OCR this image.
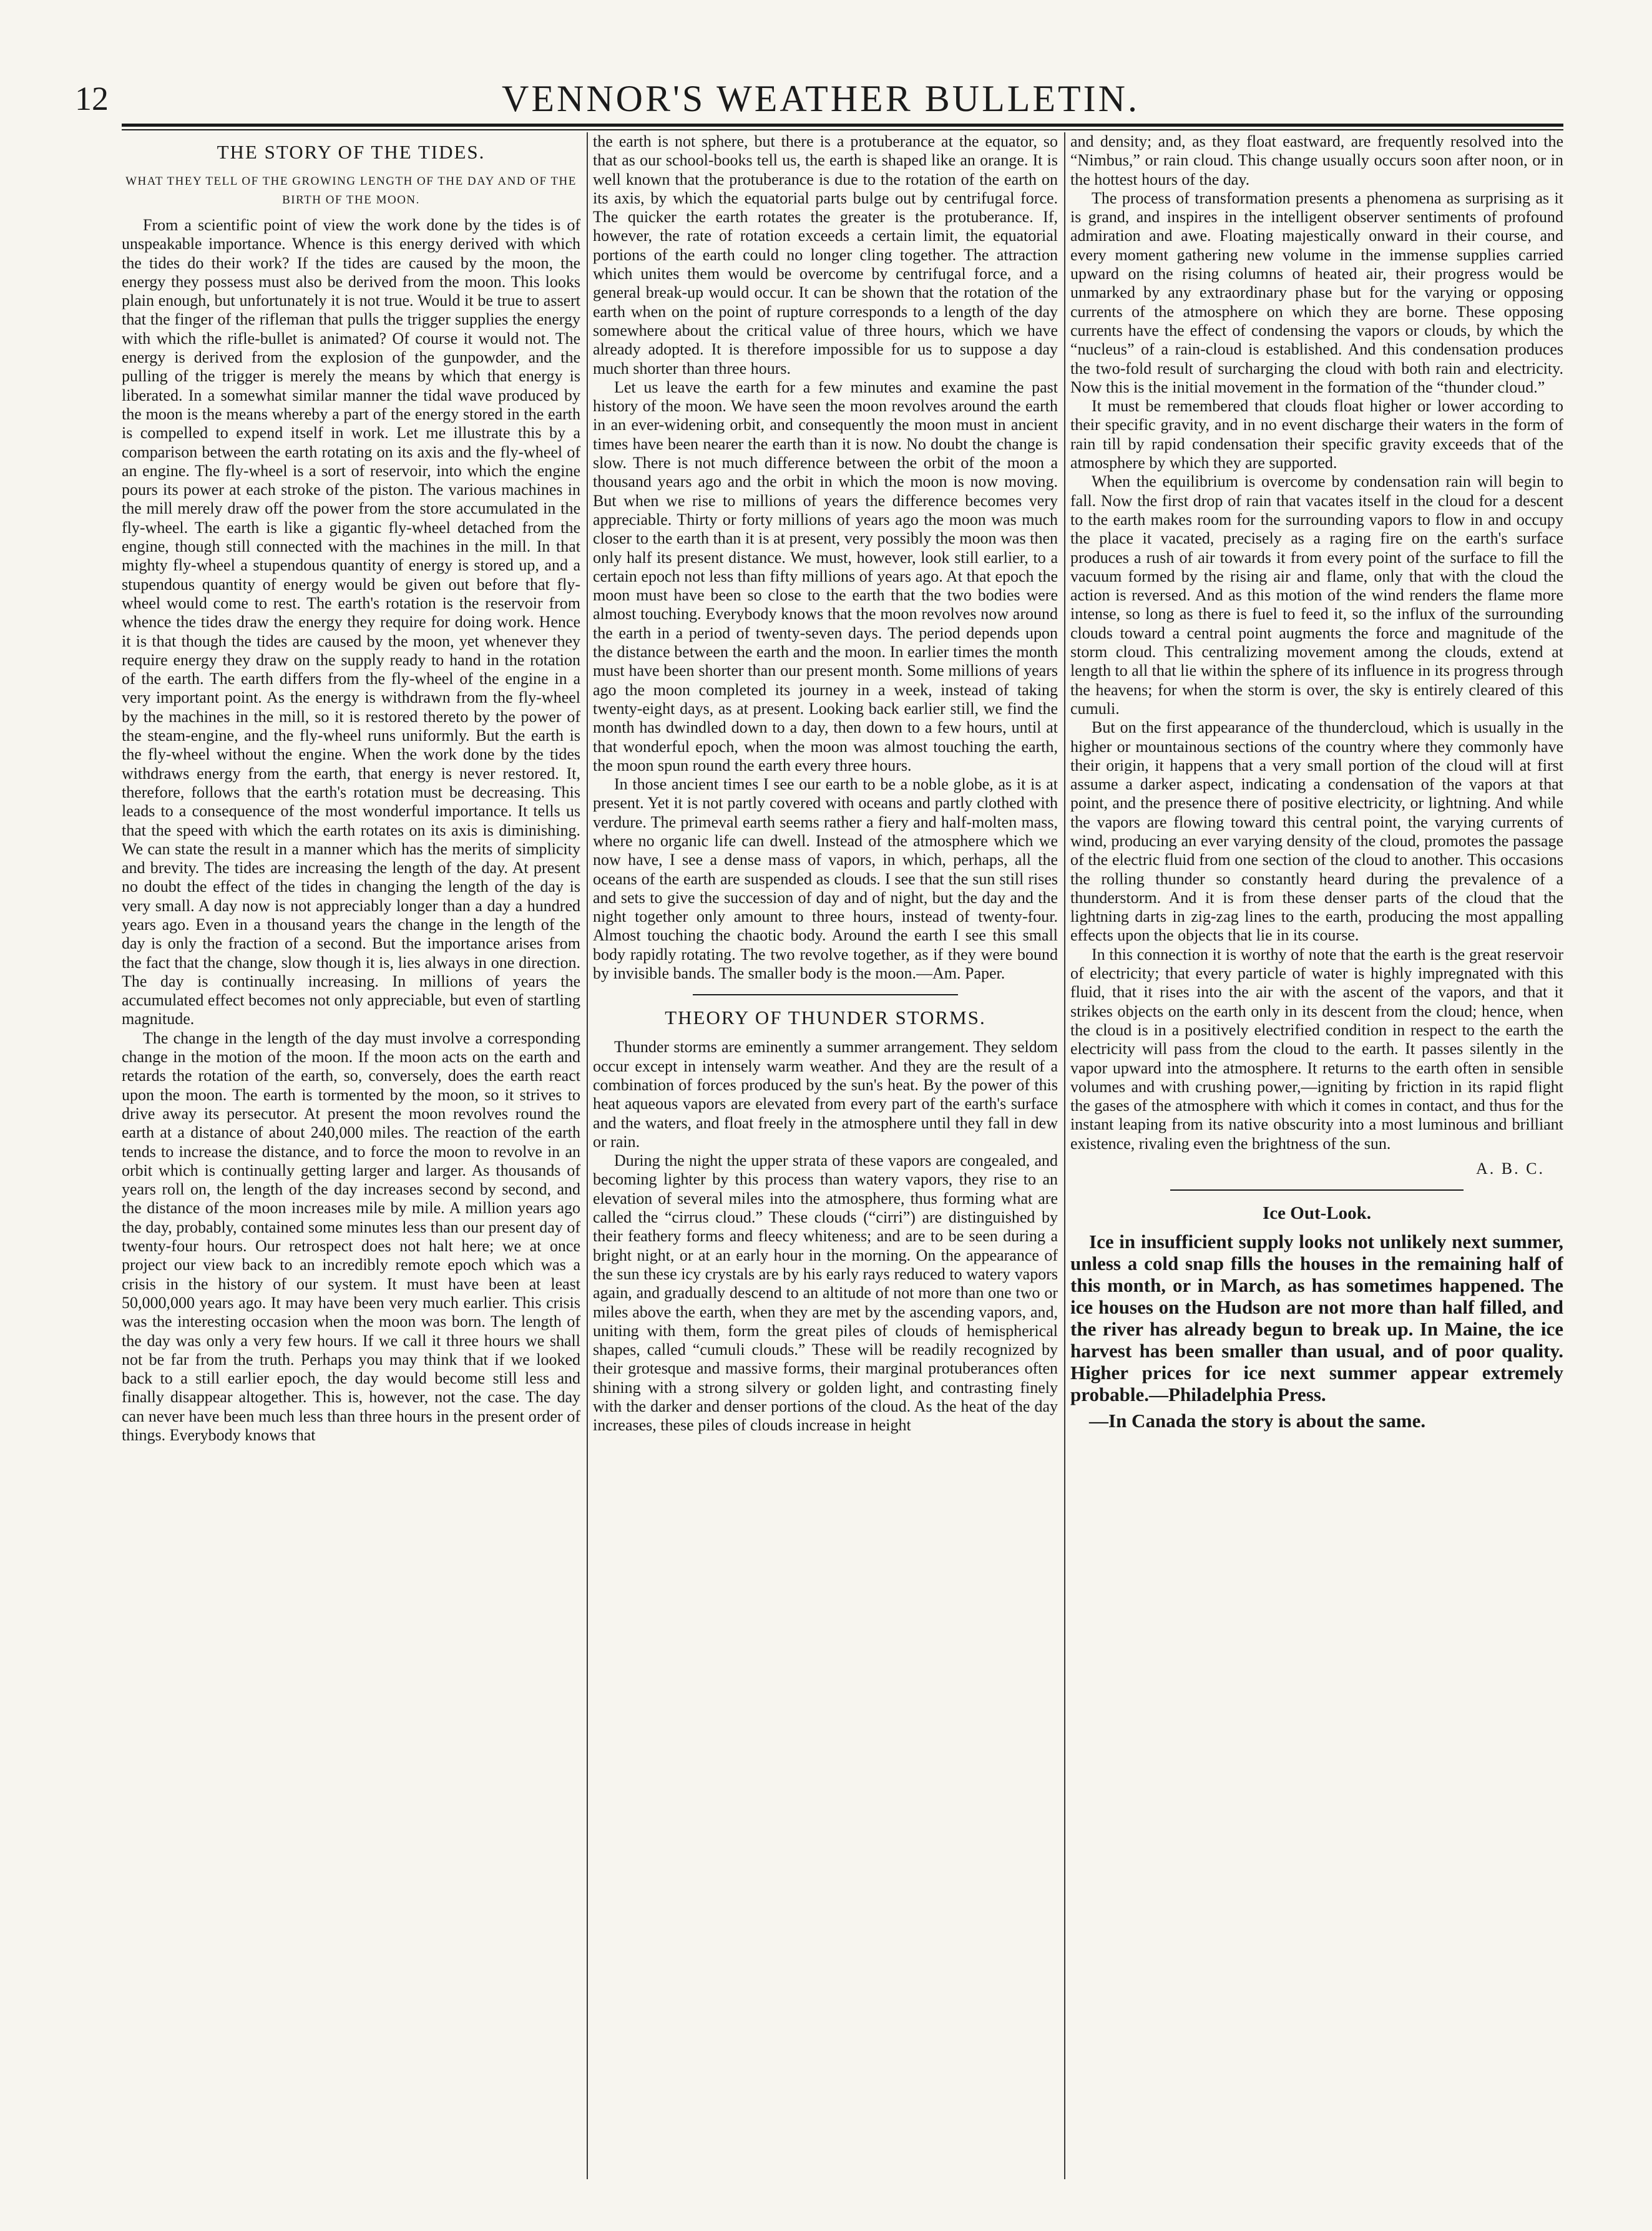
12	VENNOR'S WEATHER BULLETIN.
THE STORY OF THE TIDES.
WHAT THEY TELL OF THE GROWING LENGTH OF THE DAY AND OF THE BIRTH OF THE MOON.

From a scientific point of view the work done by the tides is of unspeakable importance. Whence is this energy derived with which the tides do their work? If the tides are caused by the moon, the energy they possess must also be derived from the moon. This looks plain enough, but unfortunately it is not true. Would it be true to assert that the finger of the rifleman that pulls the trigger supplies the energy with which the rifle-bullet is animated? Of course it would not. The energy is derived from the explosion of the gunpowder, and the pulling of the trigger is merely the means by which that energy is liberated. In a somewhat similar manner the tidal wave produced by the moon is the means whereby a part of the energy stored in the earth is compelled to expend itself in work. Let me illustrate this by a comparison between the earth rotating on its axis and the fly-wheel of an engine. The fly-wheel is a sort of reservoir, into which the engine pours its power at each stroke of the piston. The various machines in the mill merely draw off the power from the store accumulated in the fly-wheel. The earth is like a gigantic fly-wheel detached from the engine, though still connected with the machines in the mill. In that mighty fly-wheel a stupendous quantity of energy is stored up, and a stupendous quantity of energy would be given out before that fly-wheel would come to rest. The earth's rotation is the reservoir from whence the tides draw the energy they require for doing work. Hence it is that though the tides are caused by the moon, yet whenever they require energy they draw on the supply ready to hand in the rotation of the earth. The earth differs from the fly-wheel of the engine in a very important point. As the energy is withdrawn from the fly-wheel by the machines in the mill, so it is restored thereto by the power of the steam-engine, and the fly-wheel runs uniformly. But the earth is the fly-wheel without the engine. When the work done by the tides withdraws energy from the earth, that energy is never restored. It, therefore, follows that the earth's rotation must be decreasing. This leads to a consequence of the most wonderful importance. It tells us that the speed with which the earth rotates on its axis is diminishing. We can state the result in a manner which has the merits of simplicity and brevity. The tides are increasing the length of the day. At present no doubt the effect of the tides in changing the length of the day is very small. A day now is not appreciably longer than a day a hundred years ago. Even in a thousand years the change in the length of the day is only the fraction of a second. But the importance arises from the fact that the change, slow though it is, lies always in one direction. The day is continually increasing. In millions of years the accumulated effect becomes not only appreciable, but even of startling magnitude.

The change in the length of the day must involve a corresponding change in the motion of the moon. If the moon acts on the earth and retards the rotation of the earth, so, conversely, does the earth react upon the moon. The earth is tormented by the moon, so it strives to drive away its persecutor. At present the moon revolves round the earth at a distance of about 240,000 miles. The reaction of the earth tends to increase the distance, and to force the moon to revolve in an orbit which is continually getting larger and larger. As thousands of years roll on, the length of the day increases second by second, and the distance of the moon increases mile by mile. A million years ago the day, probably, contained some minutes less than our present day of twenty-four hours. Our retrospect does not halt here; we at once project our view back to an incredibly remote epoch which was a crisis in the history of our system. It must have been at least 50,000,000 years ago. It may have been very much earlier. This crisis was the interesting occasion when the moon was born. The length of the day was only a very few hours. If we call it three hours we shall not be far from the truth. Perhaps you may think that if we looked back to a still earlier epoch, the day would become still less and finally disappear altogether. This is, however, not the case. The day can never have been much less than three hours in the present order of things. Everybody knows that

the earth is not sphere, but there is a protuberance at the equator, so that as our school-books tell us, the earth is shaped like an orange. It is well known that the protuberance is due to the rotation of the earth on its axis, by which the equatorial parts bulge out by centrifugal force. The quicker the earth rotates the greater is the protuberance. If, however, the rate of rotation exceeds a certain limit, the equatorial portions of the earth could no longer cling together. The attraction which unites them would be overcome by centrifugal force, and a general break-up would occur. It can be shown that the rotation of the earth when on the point of rupture corresponds to a length of the day somewhere about the critical value of three hours, which we have already adopted. It is therefore impossible for us to suppose a day much shorter than three hours.

Let us leave the earth for a few minutes and examine the past history of the moon. We have seen the moon revolves around the earth in an ever-widening orbit, and consequently the moon must in ancient times have been nearer the earth than it is now. No doubt the change is slow. There is not much difference between the orbit of the moon a thousand years ago and the orbit in which the moon is now moving. But when we rise to millions of years the difference becomes very appreciable. Thirty or forty millions of years ago the moon was much closer to the earth than it is at present, very possibly the moon was then only half its present distance. We must, however, look still earlier, to a certain epoch not less than fifty millions of years ago. At that epoch the moon must have been so close to the earth that the two bodies were almost touching. Everybody knows that the moon revolves now around the earth in a period of twenty-seven days. The period depends upon the distance between the earth and the moon. In earlier times the month must have been shorter than our present month. Some millions of years ago the moon completed its journey in a week, instead of taking twenty-eight days, as at present. Looking back earlier still, we find the month has dwindled down to a day, then down to a few hours, until at that wonderful epoch, when the moon was almost touching the earth, the moon spun round the earth every three hours.

In those ancient times I see our earth to be a noble globe, as it is at present. Yet it is not partly covered with oceans and partly clothed with verdure. The primeval earth seems rather a fiery and half-molten mass, where no organic life can dwell. Instead of the atmosphere which we now have, I see a dense mass of vapors, in which, perhaps, all the oceans of the earth are suspended as clouds. I see that the sun still rises and sets to give the succession of day and of night, but the day and the night together only amount to three hours, instead of twenty-four. Almost touching the chaotic body. Around the earth I see this small body rapidly rotating. The two revolve together, as if they were bound by invisible bands. The smaller body is the moon.—Am. Paper.

THEORY OF THUNDER STORMS.

Thunder storms are eminently a summer arrangement. They seldom occur except in intensely warm weather. And they are the result of a combination of forces produced by the sun's heat. By the power of this heat aqueous vapors are elevated from every part of the earth's surface and the waters, and float freely in the atmosphere until they fall in dew or rain.

During the night the upper strata of these vapors are congealed, and becoming lighter by this process than watery vapors, they rise to an elevation of several miles into the atmosphere, thus forming what are called the “cirrus cloud.” These clouds (“cirri”) are distinguished by their feathery forms and fleecy whiteness; and are to be seen during a bright night, or at an early hour in the morning. On the appearance of the sun these icy crystals are by his early rays reduced to watery vapors again, and gradually descend to an altitude of not more than one two or miles above the earth, when they are met by the ascending vapors, and, uniting with them, form the great piles of clouds of hemispherical shapes, called “cumuli clouds.” These will be readily recognized by their grotesque and massive forms, their marginal protuberances often shining with a strong silvery or golden light, and contrasting finely with the darker and denser portions of the cloud. As the heat of the day increases, these piles of clouds increase in height

and density; and, as they float eastward, are frequently resolved into the “Nimbus,” or rain cloud. This change usually occurs soon after noon, or in the hottest hours of the day.

The process of transformation presents a phenomena as surprising as it is grand, and inspires in the intelligent observer sentiments of profound admiration and awe. Floating majestically onward in their course, and every moment gathering new volume in the immense supplies carried upward on the rising columns of heated air, their progress would be unmarked by any extraordinary phase but for the varying or opposing currents of the atmosphere on which they are borne. These opposing currents have the effect of condensing the vapors or clouds, by which the “nucleus” of a rain-cloud is established. And this condensation produces the two-fold result of surcharging the cloud with both rain and electricity. Now this is the initial movement in the formation of the “thunder cloud.”

It must be remembered that clouds float higher or lower according to their specific gravity, and in no event discharge their waters in the form of rain till by rapid condensation their specific gravity exceeds that of the atmosphere by which they are supported.

When the equilibrium is overcome by condensation rain will begin to fall. Now the first drop of rain that vacates itself in the cloud for a descent to the earth makes room for the surrounding vapors to flow in and occupy the place it vacated, precisely as a raging fire on the earth's surface produces a rush of air towards it from every point of the surface to fill the vacuum formed by the rising air and flame, only that with the cloud the action is reversed. And as this motion of the wind renders the flame more intense, so long as there is fuel to feed it, so the influx of the surrounding clouds toward a central point augments the force and magnitude of the storm cloud. This centralizing movement among the clouds, extend at length to all that lie within the sphere of its influence in its progress through the heavens; for when the storm is over, the sky is entirely cleared of this cumuli.

But on the first appearance of the thundercloud, which is usually in the higher or mountainous sections of the country where they commonly have their origin, it happens that a very small portion of the cloud will at first assume a darker aspect, indicating a condensation of the vapors at that point, and the presence there of positive electricity, or lightning. And while the vapors are flowing toward this central point, the varying currents of wind, producing an ever varying density of the cloud, promotes the passage of the electric fluid from one section of the cloud to another. This occasions the rolling thunder so constantly heard during the prevalence of a thunderstorm. And it is from these denser parts of the cloud that the lightning darts in zig-zag lines to the earth, producing the most appalling effects upon the objects that lie in its course.

In this connection it is worthy of note that the earth is the great reservoir of electricity; that every particle of water is highly impregnated with this fluid, that it rises into the air with the ascent of the vapors, and that it strikes objects on the earth only in its descent from the cloud; hence, when the cloud is in a positively electrified condition in respect to the earth the electricity will pass from the cloud to the earth. It passes silently in the vapor upward into the atmosphere. It returns to the earth often in sensible volumes and with crushing power,—igniting by friction in its rapid flight the gases of the atmosphere with which it comes in contact, and thus for the instant leaping from its native obscurity into a most luminous and brilliant existence, rivaling even the brightness of the sun.

A. B. C.
Ice Out-Look.

Ice in insufficient supply looks not unlikely next summer, unless a cold snap fills the houses in the remaining half of this month, or in March, as has sometimes happened. The ice houses on the Hudson are not more than half filled, and the river has already begun to break up. In Maine, the ice harvest has been smaller than usual, and of poor quality. Higher prices for ice next summer appear extremely probable.—Philadelphia Press.

—In Canada the story is about the same.
